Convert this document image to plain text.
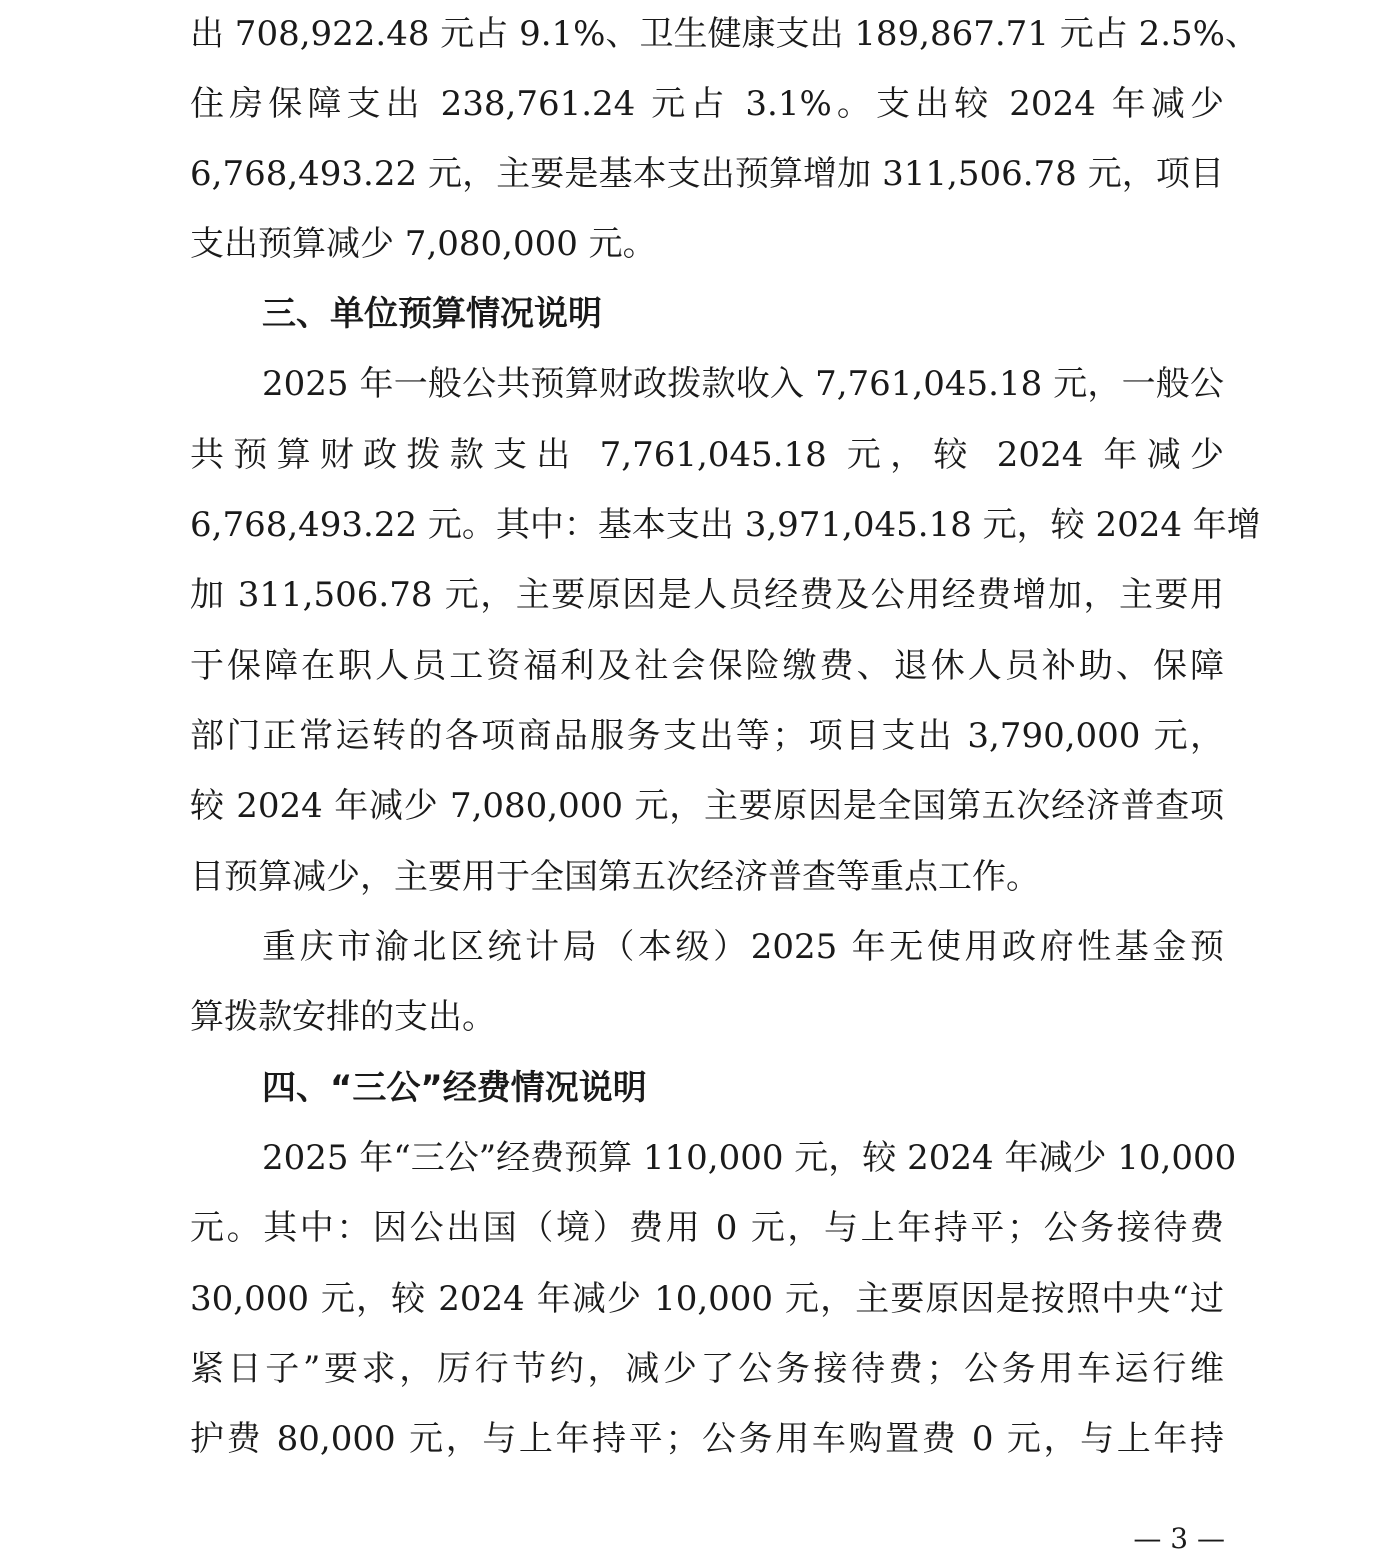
出 708,922.48 元占 9.1%、卫生健康支出 189,867.71 元占 2.5%、
住房保障支出 238,761.24 元占 3.1%。支出较 2024 年减少
6,768,493.22 元，主要是基本支出预算增加 311,506.78 元，项目
支出预算减少 7,080,000 元。
三、单位预算情况说明
2025 年一般公共预算财政拨款收入 7,761,045.18 元，一般公
共预算财政拨款支出 7,761,045.18 元，较 2024 年减少
6,768,493.22 元。其中：基本支出 3,971,045.18 元，较 2024 年增
加 311,506.78 元，主要原因是人员经费及公用经费增加，主要用
于保障在职人员工资福利及社会保险缴费、退休人员补助、保障
部门正常运转的各项商品服务支出等；项目支出 3,790,000 元，
较 2024 年减少 7,080,000 元，主要原因是全国第五次经济普查项
目预算减少，主要用于全国第五次经济普查等重点工作。
重庆市渝北区统计局（本级）2025 年无使用政府性基金预
算拨款安排的支出。
四、“三公”经费情况说明
2025 年“三公”经费预算 110,000 元，较 2024 年减少 10,000
元。其中：因公出国（境）费用 0 元，与上年持平；公务接待费
30,000 元，较 2024 年减少 10,000 元，主要原因是按照中央“过
紧日子”要求，厉行节约，减少了公务接待费；公务用车运行维
护费 80,000 元，与上年持平；公务用车购置费 0 元，与上年持
— 3 —
